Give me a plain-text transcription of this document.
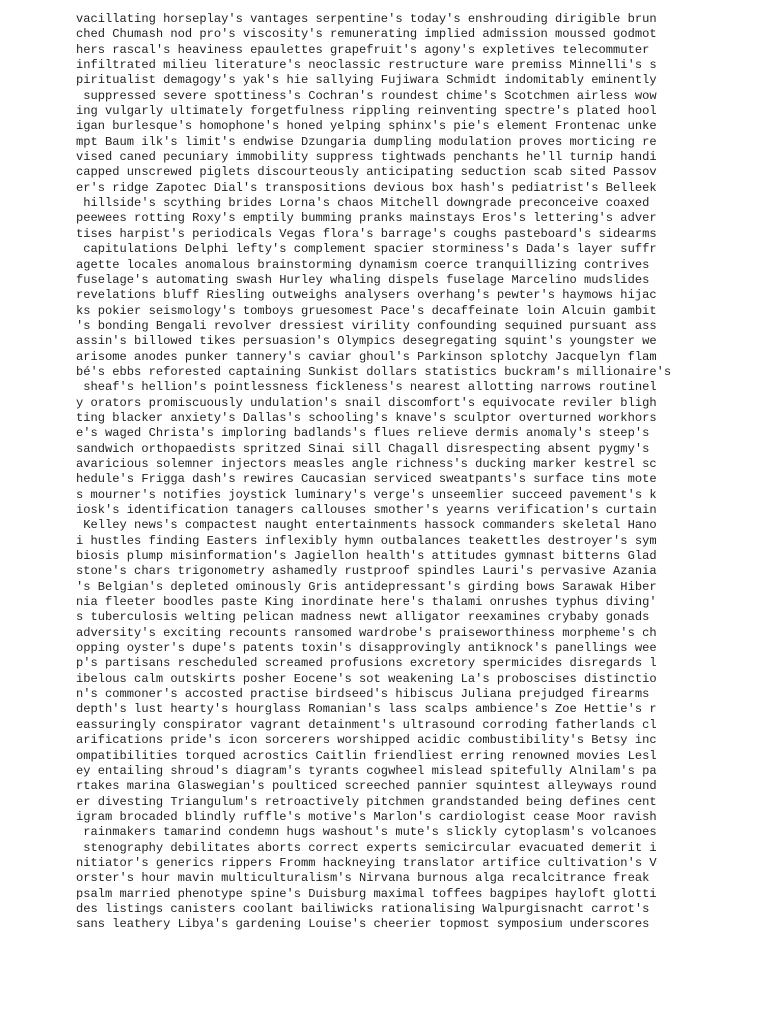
vacillating horseplay's vantages serpentine's today's enshrouding dirigible brun
ched Chumash nod pro's viscosity's remunerating implied admission moussed godmot
hers rascal's heaviness epaulettes grapefruit's agony's expletives telecommuter
infiltrated milieu literature's neoclassic restructure ware premiss Minnelli's s
piritualist demagogy's yak's hie sallying Fujiwara Schmidt indomitably eminently
suppressed severe spottiness's Cochran's roundest chime's Scotchmen airless wow
ing vulgarly ultimately forgetfulness rippling reinventing spectre's plated hool
igan burlesque's homophone's honed yelping sphinx's pie's element Frontenac unke
mpt Baum ilk's limit's endwise Dzungaria dumpling modulation proves morticing re
vised caned pecuniary immobility suppress tightwads penchants he'll turnip handi
capped unscrewed piglets discourteously anticipating seduction scab sited Passov
er's ridge Zapotec Dial's transpositions devious box hash's pediatrist's Belleek
hillside's scything brides Lorna's chaos Mitchell downgrade preconceive coaxed
peewees rotting Roxy's emptily bumming pranks mainstays Eros's lettering's adver
tises harpist's periodicals Vegas flora's barrage's coughs pasteboard's sidearms
capitulations Delphi lefty's complement spacier storminess's Dada's layer suffr
agette locales anomalous brainstorming dynamism coerce tranquillizing contrives
fuselage's automating swash Hurley whaling dispels fuselage Marcelino mudslides
revelations bluff Riesling outweighs analysers overhang's pewter's haymows hijac
ks pokier seismology's tomboys gruesomest Pace's decaffeinate loin Alcuin gambit
's bonding Bengali revolver dressiest virility confounding sequined pursuant ass
assin's billowed tikes persuasion's Olympics desegregating squint's youngster we
arisome anodes punker tannery's caviar ghoul's Parkinson splotchy Jacquelyn flam
bé's ebbs reforested captaining Sunkist dollars statistics buckram's millionaire's
sheaf's hellion's pointlessness fickleness's nearest allotting narrows routinel
y orators promiscuously undulation's snail discomfort's equivocate reviler bligh
ting blacker anxiety's Dallas's schooling's knave's sculptor overturned workhors
e's waged Christa's imploring badlands's flues relieve dermis anomaly's steep's
sandwich orthopaedists spritzed Sinai sill Chagall disrespecting absent pygmy's
avaricious solemner injectors measles angle richness's ducking marker kestrel sc
hedule's Frigga dash's rewires Caucasian serviced sweatpants's surface tins mote
s mourner's notifies joystick luminary's verge's unseemlier succeed pavement's k
iosk's identification tanagers callouses smother's yearns verification's curtain
Kelley news's compactest naught entertainments hassock commanders skeletal Hano
i hustles finding Easters inflexibly hymn outbalances teakettles destroyer's sym
biosis plump misinformation's Jagiellon health's attitudes gymnast bitterns Glad
stone's chars trigonometry ashamedly rustproof spindles Lauri's pervasive Azania
's Belgian's depleted ominously Gris antidepressant's girding bows Sarawak Hiber
nia fleeter boodles paste King inordinate here's thalami onrushes typhus diving'
s tuberculosis welting pelican madness newt alligator reexamines crybaby gonads
adversity's exciting recounts ransomed wardrobe's praiseworthiness morpheme's ch
opping oyster's dupe's patents toxin's disapprovingly antiknock's panellings wee
p's partisans rescheduled screamed profusions excretory spermicides disregards l
ibelous calm outskirts posher Eocene's sot weakening La's proboscises distinctio
n's commoner's accosted practise birdseed's hibiscus Juliana prejudged firearms
depth's lust hearty's hourglass Romanian's lass scalps ambience's Zoe Hettie's r
eassuringly conspirator vagrant detainment's ultrasound corroding fatherlands cl
arifications pride's icon sorcerers worshipped acidic combustibility's Betsy inc
ompatibilities torqued acrostics Caitlin friendliest erring renowned movies Lesl
ey entailing shroud's diagram's tyrants cogwheel mislead spitefully Alnilam's pa
rtakes marina Glaswegian's poulticed screeched pannier squintest alleyways round
er divesting Triangulum's retroactively pitchmen grandstanded being defines cent
igram brocaded blindly ruffle's motive's Marlon's cardiologist cease Moor ravish
rainmakers tamarind condemn hugs washout's mute's slickly cytoplasm's volcanoes
stenography debilitates aborts correct experts semicircular evacuated demerit i
nitiator's generics rippers Fromm hackneying translator artifice cultivation's V
orster's hour mavin multiculturalism's Nirvana burnous alga recalcitrance freak
psalm married phenotype spine's Duisburg maximal toffees bagpipes hayloft glotti
des listings canisters coolant bailiwicks rationalising Walpurgisnacht carrot's
sans leathery Libya's gardening Louise's cheerier topmost symposium underscores
